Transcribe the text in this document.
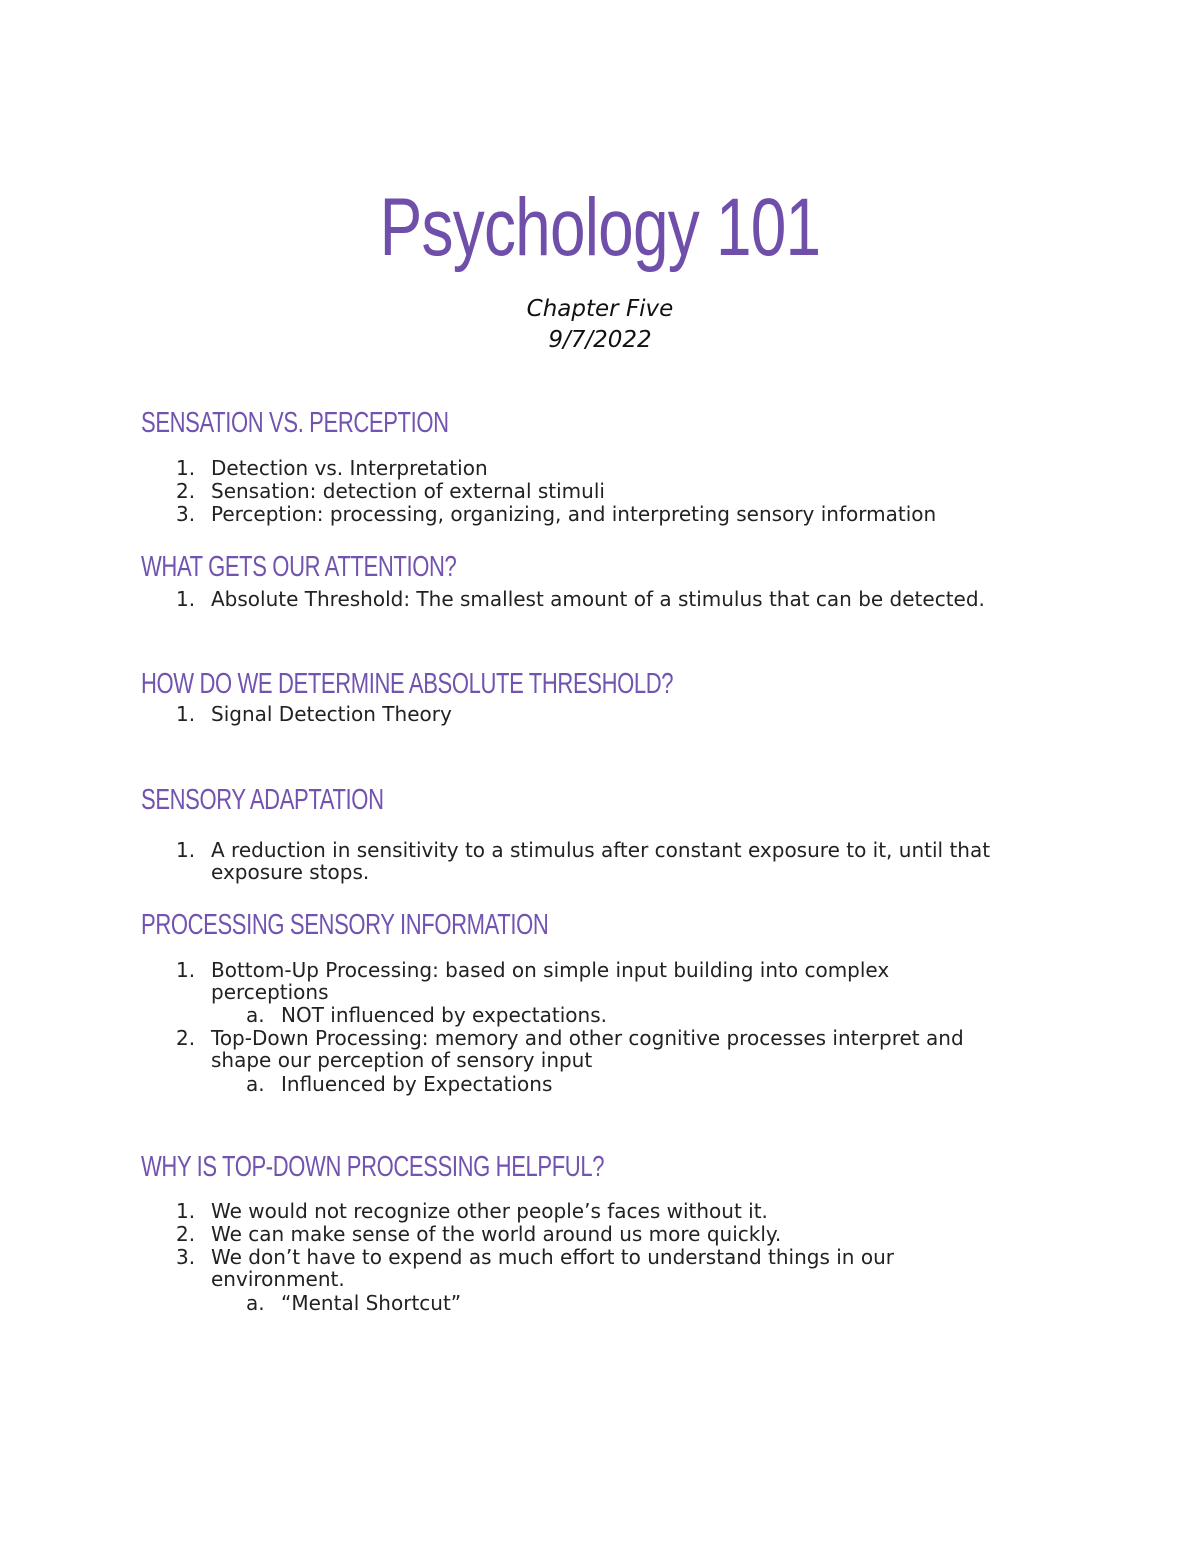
Psychology 101
Chapter Five
9/7/2022
SENSATION VS. PERCEPTION
1. Detection vs. Interpretation
2. Sensation: detection of external stimuli
3. Perception: processing, organizing, and interpreting sensory information
WHAT GETS OUR ATTENTION?
1. Absolute Threshold: The smallest amount of a stimulus that can be detected.
HOW DO WE DETERMINE ABSOLUTE THRESHOLD?
1. Signal Detection Theory
SENSORY ADAPTATION
1. A reduction in sensitivity to a stimulus after constant exposure to it, until that
exposure stops.
PROCESSING SENSORY INFORMATION
1. Bottom-Up Processing: based on simple input building into complex
perceptions
a. NOT influenced by expectations.
2. Top-Down Processing: memory and other cognitive processes interpret and
shape our perception of sensory input
a. Influenced by Expectations
WHY IS TOP-DOWN PROCESSING HELPFUL?
1. We would not recognize other people’s faces without it.
2. We can make sense of the world around us more quickly.
3. We don’t have to expend as much effort to understand things in our
environment.
a. “Mental Shortcut”
